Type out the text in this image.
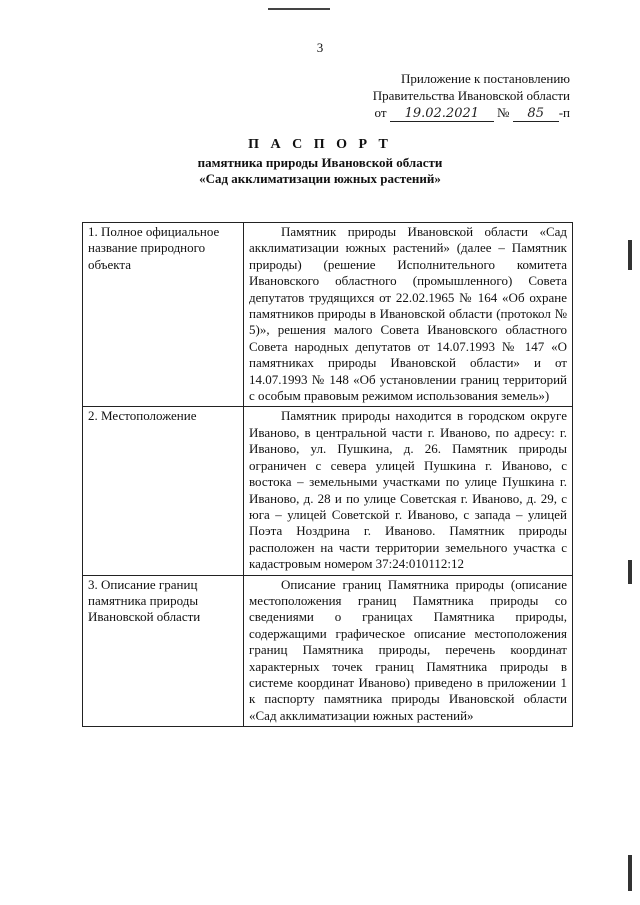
3
Приложение к постановлению
Правительства Ивановской области
от 19.02.2021 № 85 -п
П А С П О Р Т
памятника природы Ивановской области
«Сад акклиматизации южных растений»
1. Полное официальное название природного объекта	Памятник природы Ивановской области «Сад акклиматизации южных растений» (далее – Памятник природы) (решение Исполнительного комитета Ивановского областного (промышленного) Совета депутатов трудящихся от 22.02.1965 № 164 «Об охране памятников природы в Ивановской области (протокол № 5)», решения малого Совета Ивановского областного Совета народных депутатов от 14.07.1993 № 147 «О памятниках природы Ивановской области» и от 14.07.1993 № 148 «Об установлении границ территорий с особым правовым режимом использования земель»)
2. Местоположение	Памятник природы находится в городском округе Иваново, в центральной части г. Иваново, по адресу: г. Иваново, ул. Пушкина, д. 26. Памятник природы ограничен с севера улицей Пушкина г. Иваново, с востока – земельными участками по улице Пушкина г. Иваново, д. 28 и по улице Советская г. Иваново, д. 29, с юга – улицей Советской г. Иваново, с запада – улицей Поэта Ноздрина г. Иваново. Памятник природы расположен на части территории земельного участка с кадастровым номером 37:24:010112:12
3. Описание границ памятника природы Ивановской области	Описание границ Памятника природы (описание местоположения границ Памятника природы со сведениями о границах Памятника природы, содержащими графическое описание местоположения границ Памятника природы, перечень координат характерных точек границ Памятника природы в системе координат Иваново) приведено в приложении 1 к паспорту памятника природы Ивановской области «Сад акклиматизации южных растений»
